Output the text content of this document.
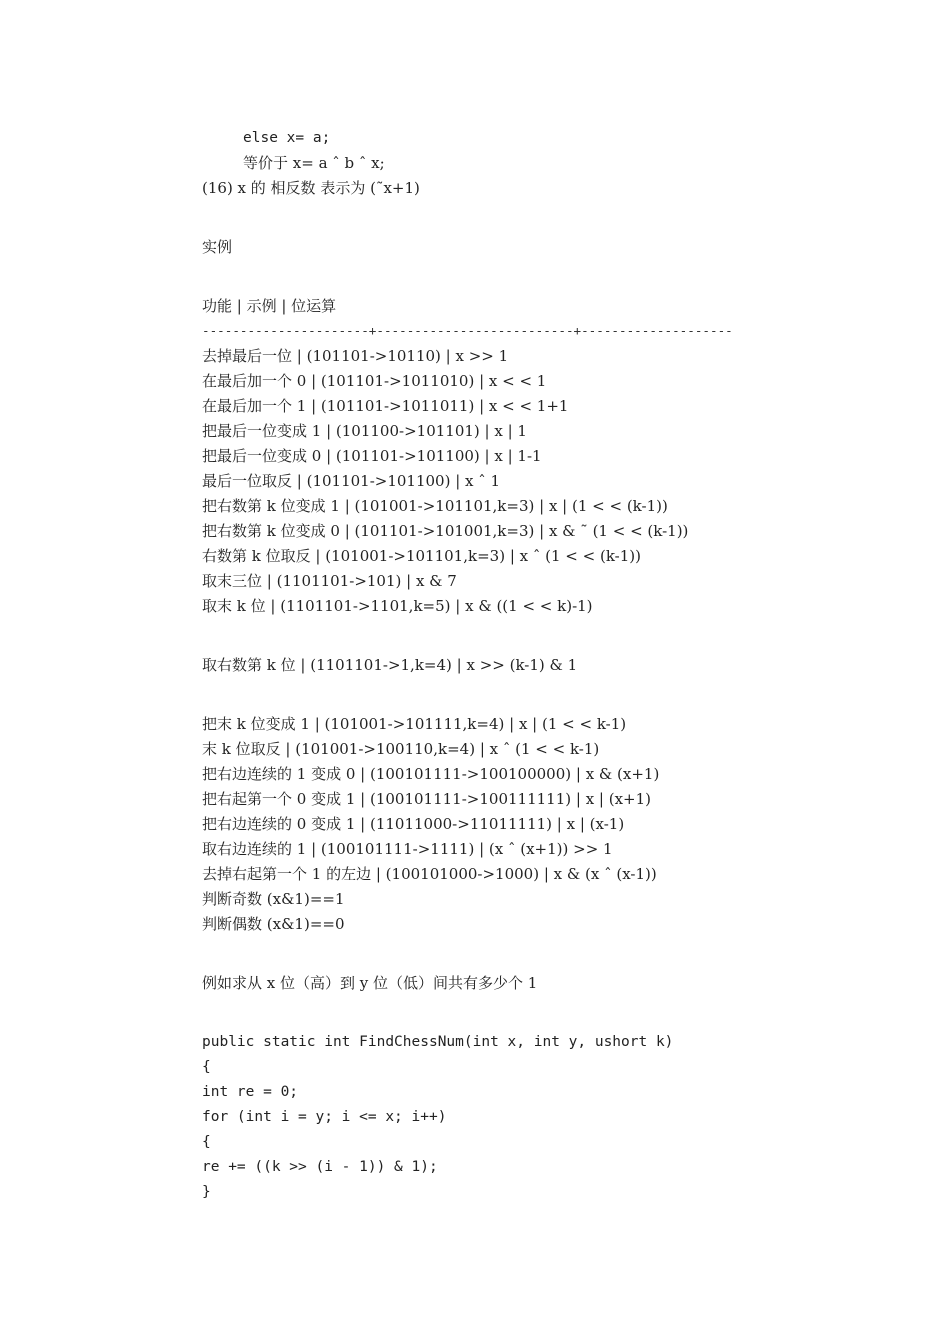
else x= a;
等价于 x= a ˆ b ˆ x;
(16) x 的 相反数 表示为 (˜x+1)
实例
功能 | 示例 | 位运算
----------------------+--------------------------+--------------------
去掉最后一位 | (101101->10110) | x >> 1
在最后加一个 0 | (101101->1011010) | x < < 1
在最后加一个 1 | (101101->1011011) | x < < 1+1
把最后一位变成 1 | (101100->101101) | x | 1
把最后一位变成 0 | (101101->101100) | x | 1-1
最后一位取反 | (101101->101100) | x ˆ 1
把右数第 k 位变成 1 | (101001->101101,k=3) | x | (1 < < (k-1))
把右数第 k 位变成 0 | (101101->101001,k=3) | x & ˜ (1 < < (k-1))
右数第 k 位取反 | (101001->101101,k=3) | x ˆ (1 < < (k-1))
取末三位 | (1101101->101) | x & 7
取末 k 位 | (1101101->1101,k=5) | x & ((1 < < k)-1)
取右数第 k 位 | (1101101->1,k=4) | x >> (k-1) & 1
把末 k 位变成 1 | (101001->101111,k=4) | x | (1 < < k-1)
末 k 位取反 | (101001->100110,k=4) | x ˆ (1 < < k-1)
把右边连续的 1 变成 0 | (100101111->100100000) | x & (x+1)
把右起第一个 0 变成 1 | (100101111->100111111) | x | (x+1)
把右边连续的 0 变成 1 | (11011000->11011111) | x | (x-1)
取右边连续的 1 | (100101111->1111) | (x ˆ (x+1)) >> 1
去掉右起第一个 1 的左边 | (100101000->1000) | x & (x ˆ (x-1))
判断奇数 (x&1)==1
判断偶数 (x&1)==0
例如求从 x 位（高）到 y 位（低）间共有多少个 1
public static int FindChessNum(int x, int y, ushort k)
{
int re = 0;
for (int i = y; i <= x; i++)
{
re += ((k >> (i - 1)) & 1);
}
